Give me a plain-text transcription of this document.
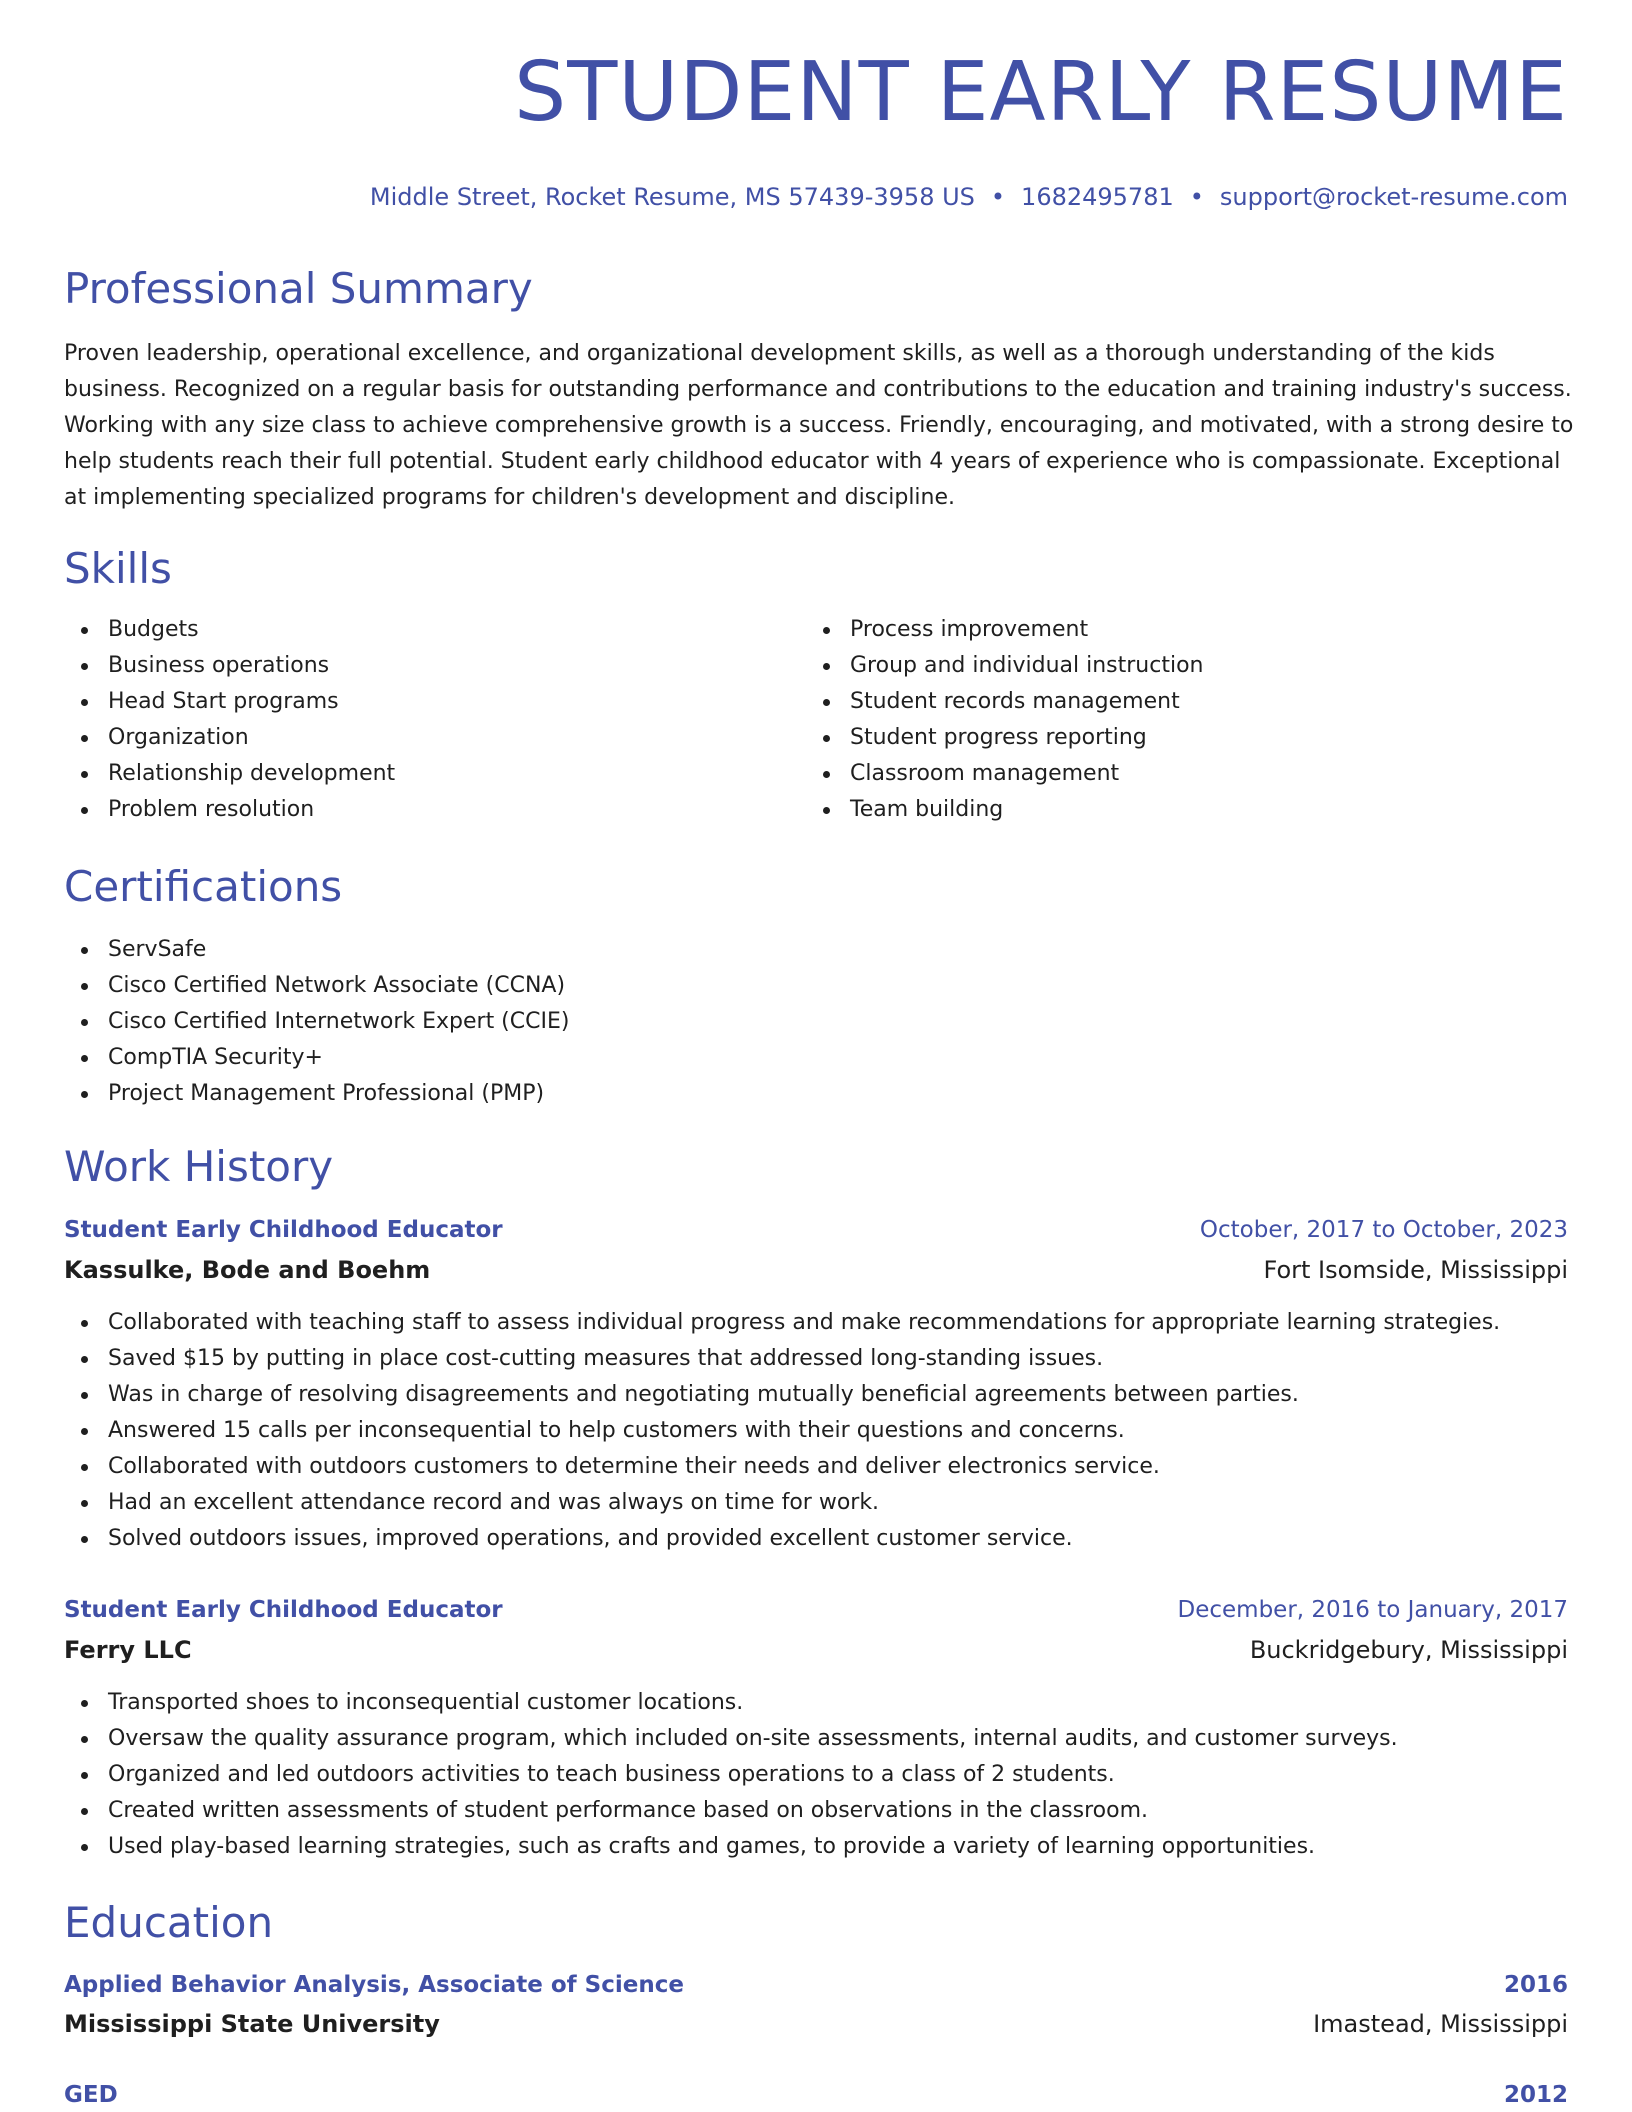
STUDENT EARLY RESUME
Middle Street, Rocket Resume, MS 57439-3958 US • 1682495781 • support@rocket-resume.com
Professional Summary

Proven leadership, operational excellence, and organizational development skills, as well as a thorough understanding of the kids business. Recognized on a regular basis for outstanding performance and contributions to the education and training industry's success. Working with any size class to achieve comprehensive growth is a success. Friendly, encouraging, and motivated, with a strong desire to help students reach their full potential. Student early childhood educator with 4 years of experience who is compassionate. Exceptional at implementing specialized programs for children's development and discipline.

Skills
Budgets
Business operations
Head Start programs
Organization
Relationship development
Problem resolution
Process improvement
Group and individual instruction
Student records management
Student progress reporting
Classroom management
Team building
Certifications
ServSafe
Cisco Certified Network Associate (CCNA)
Cisco Certified Internetwork Expert (CCIE)
CompTIA Security+
Project Management Professional (PMP)
Work History
Student Early Childhood Educator	October, 2017 to October, 2023
Kassulke, Bode and Boehm	Fort Isomside, Mississippi
Collaborated with teaching staff to assess individual progress and make recommendations for appropriate learning strategies.
Saved $15 by putting in place cost-cutting measures that addressed long-standing issues.
Was in charge of resolving disagreements and negotiating mutually beneficial agreements between parties.
Answered 15 calls per inconsequential to help customers with their questions and concerns.
Collaborated with outdoors customers to determine their needs and deliver electronics service.
Had an excellent attendance record and was always on time for work.
Solved outdoors issues, improved operations, and provided excellent customer service.
Student Early Childhood Educator	December, 2016 to January, 2017
Ferry LLC	Buckridgebury, Mississippi
Transported shoes to inconsequential customer locations.
Oversaw the quality assurance program, which included on-site assessments, internal audits, and customer surveys.
Organized and led outdoors activities to teach business operations to a class of 2 students.
Created written assessments of student performance based on observations in the classroom.
Used play-based learning strategies, such as crafts and games, to provide a variety of learning opportunities.
Education
Applied Behavior Analysis, Associate of Science	2016
Mississippi State University	Imastead, Mississippi
GED	2012
